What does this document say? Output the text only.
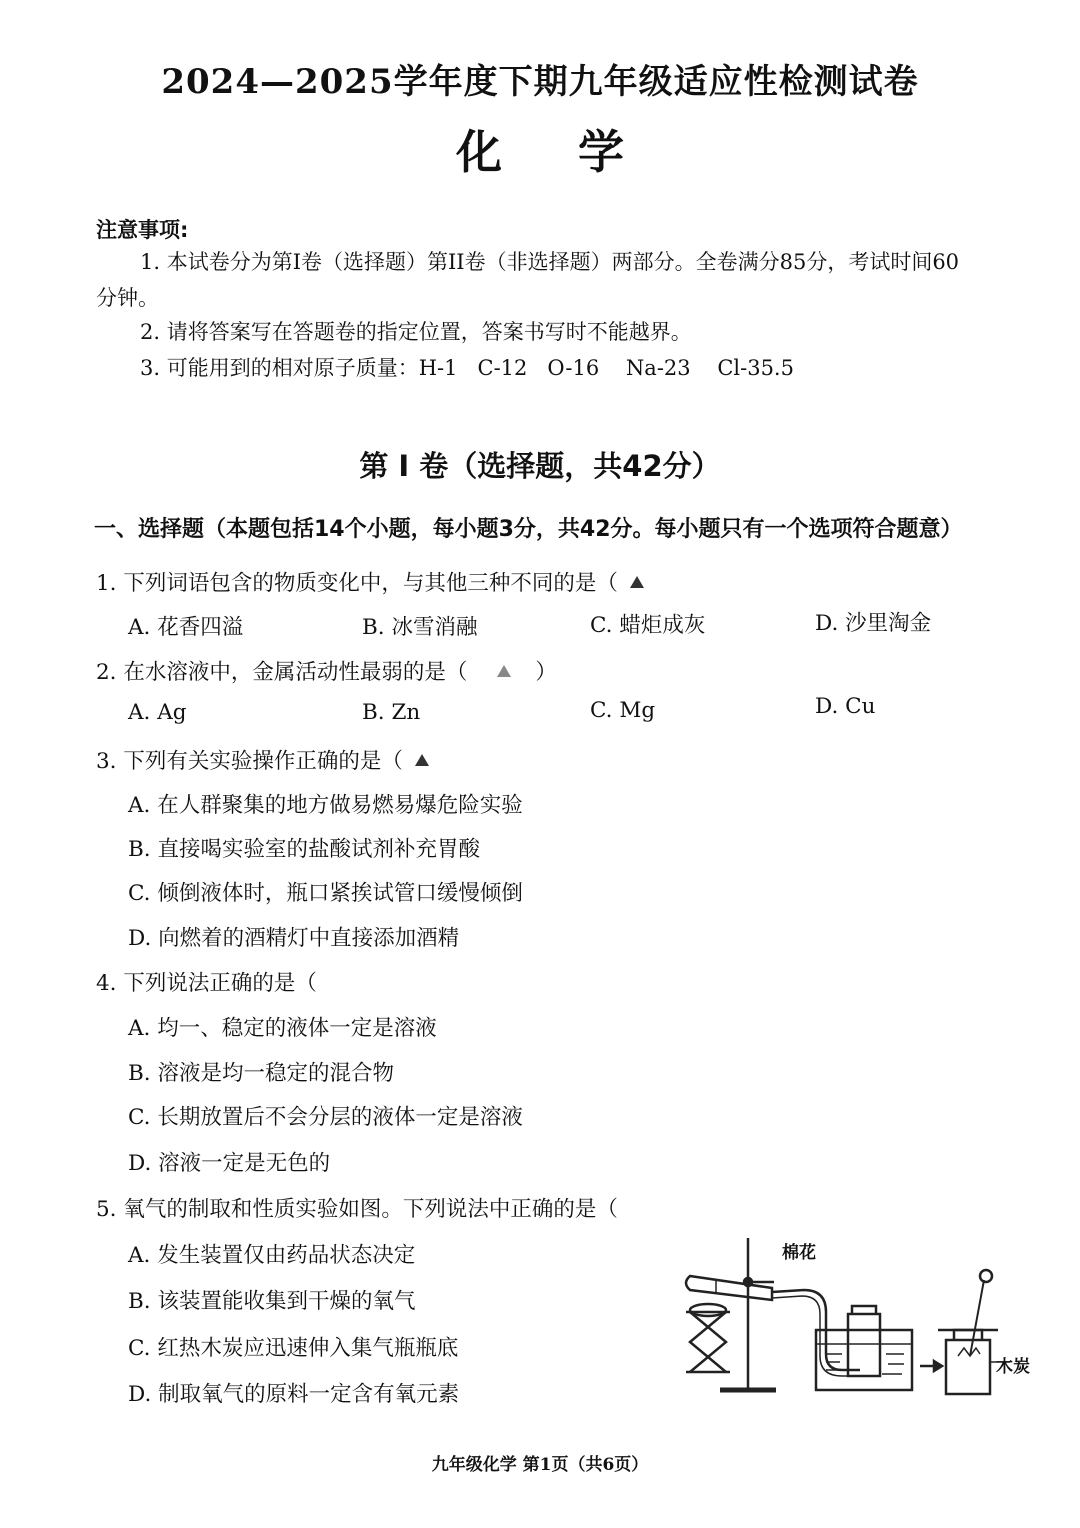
2024—2025学年度下期九年级适应性检测试卷
化 学
注意事项:
1. 本试卷分为第I卷（选择题）第II卷（非选择题）两部分。全卷满分85分，考试时间60
分钟。
2. 请将答案写在答题卷的指定位置，答案书写时不能越界。
3. 可能用到的相对原子质量：H-1   C-12   O-16    Na-23    Cl-35.5
第 I 卷（选择题，共42分）
一、选择题（本题包括14个小题，每小题3分，共42分。每小题只有一个选项符合题意）
1. 下列词语包含的物质变化中，与其他三种不同的是（
A. 花香四溢	B. 冰雪消融	C. 蜡炬成灰	D. 沙里淘金
2. 在水溶液中，金属活动性最弱的是（	）
A. Ag	B. Zn	C. Mg	D. Cu
3. 下列有关实验操作正确的是（
A. 在人群聚集的地方做易燃易爆危险实验
B. 直接喝实验室的盐酸试剂补充胃酸
C. 倾倒液体时，瓶口紧挨试管口缓慢倾倒
D. 向燃着的酒精灯中直接添加酒精
4. 下列说法正确的是（
A. 均一、稳定的液体一定是溶液
B. 溶液是均一稳定的混合物
C. 长期放置后不会分层的液体一定是溶液
D. 溶液一定是无色的
5. 氧气的制取和性质实验如图。下列说法中正确的是（
A. 发生装置仅由药品状态决定
B. 该装置能收集到干燥的氧气
C. 红热木炭应迅速伸入集气瓶瓶底
D. 制取氧气的原料一定含有氧元素
棉花
木炭
九年级化学 第1页（共6页）
